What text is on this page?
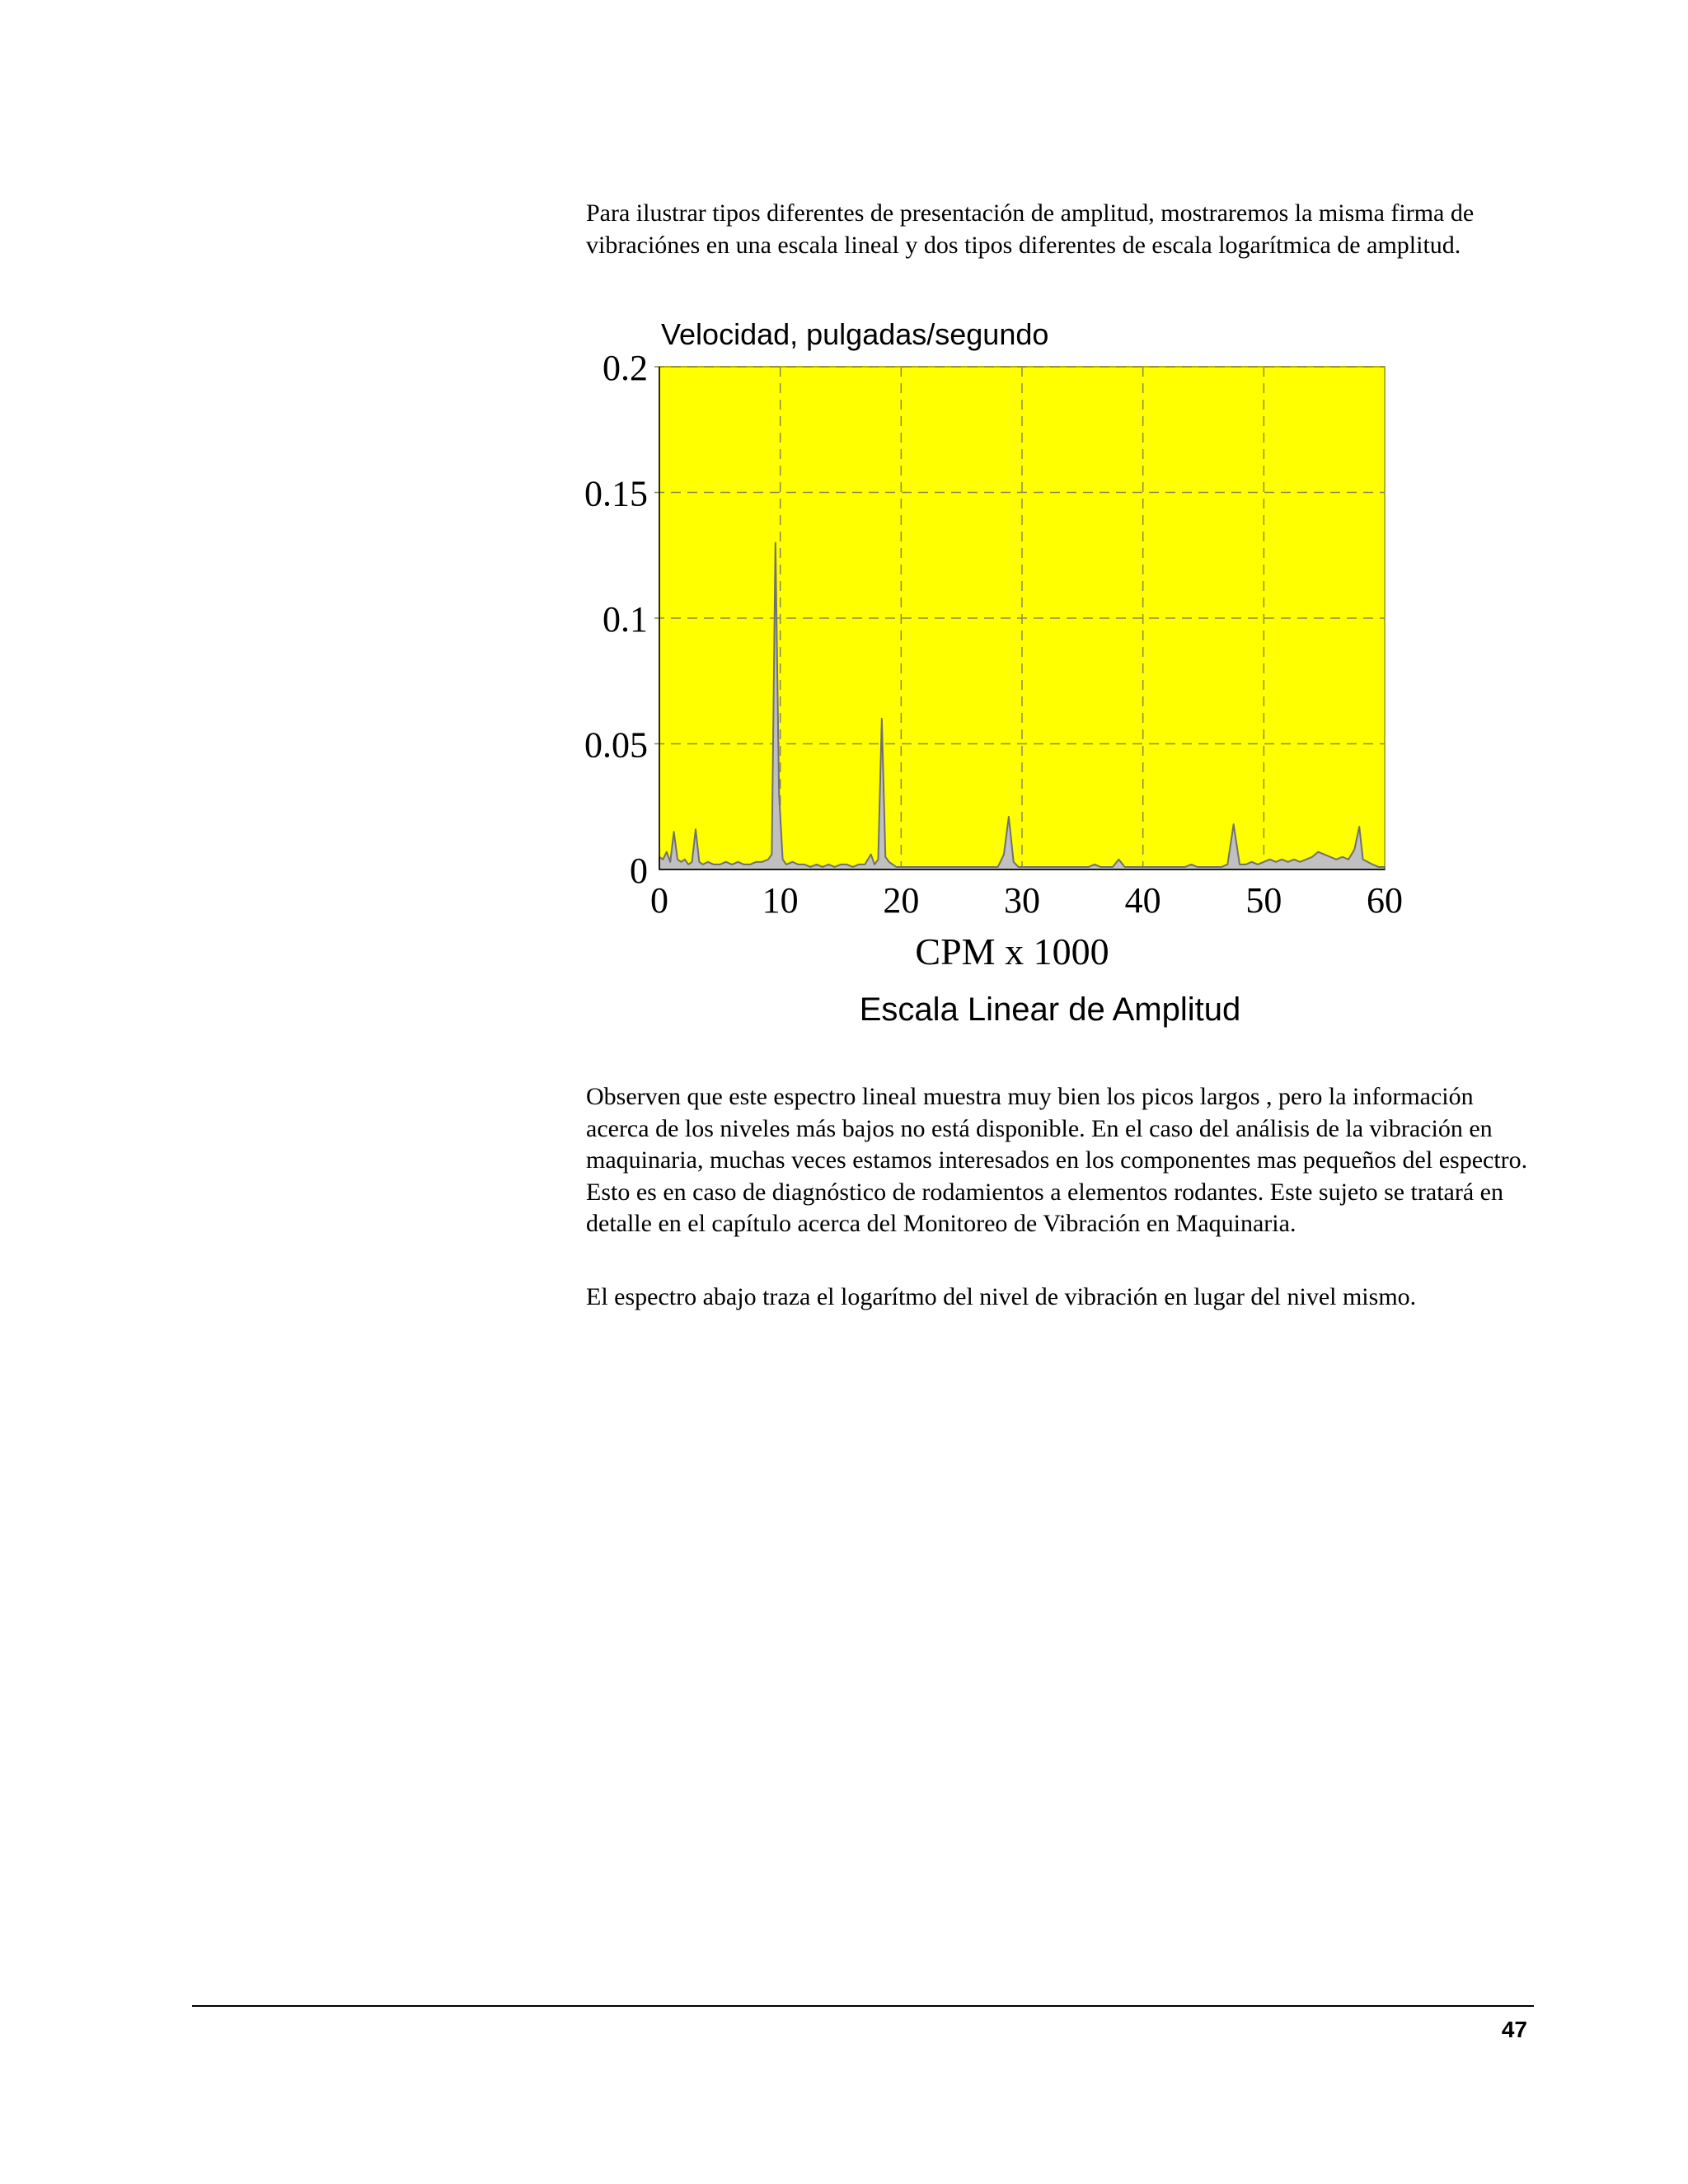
Para ilustrar tipos diferentes de presentación de amplitud, mostraremos la misma firma de vibraciónes en una escala lineal y dos tipos diferentes de escala logarítmica de amplitud.

0
0.05
0.1
0.15
0.2
0	10 20 30 40 50 60
Velocidad, pulgadas/segundo
CPM x 1000
Escala Linear de Amplitud

Observen que este espectro lineal muestra muy bien los picos largos , pero la información acerca de los niveles más bajos no está disponible. En el caso del análisis de la vibración en maquinaria, muchas veces estamos interesados en los componentes mas pequeños del espectro. Esto es en caso de diagnóstico de rodamientos a elementos rodantes. Este sujeto se tratará en detalle en el capítulo acerca del Monitoreo de Vibración en Maquinaria.

El espectro abajo traza el logarítmo del nivel de vibración en lugar del nivel mismo.

47
